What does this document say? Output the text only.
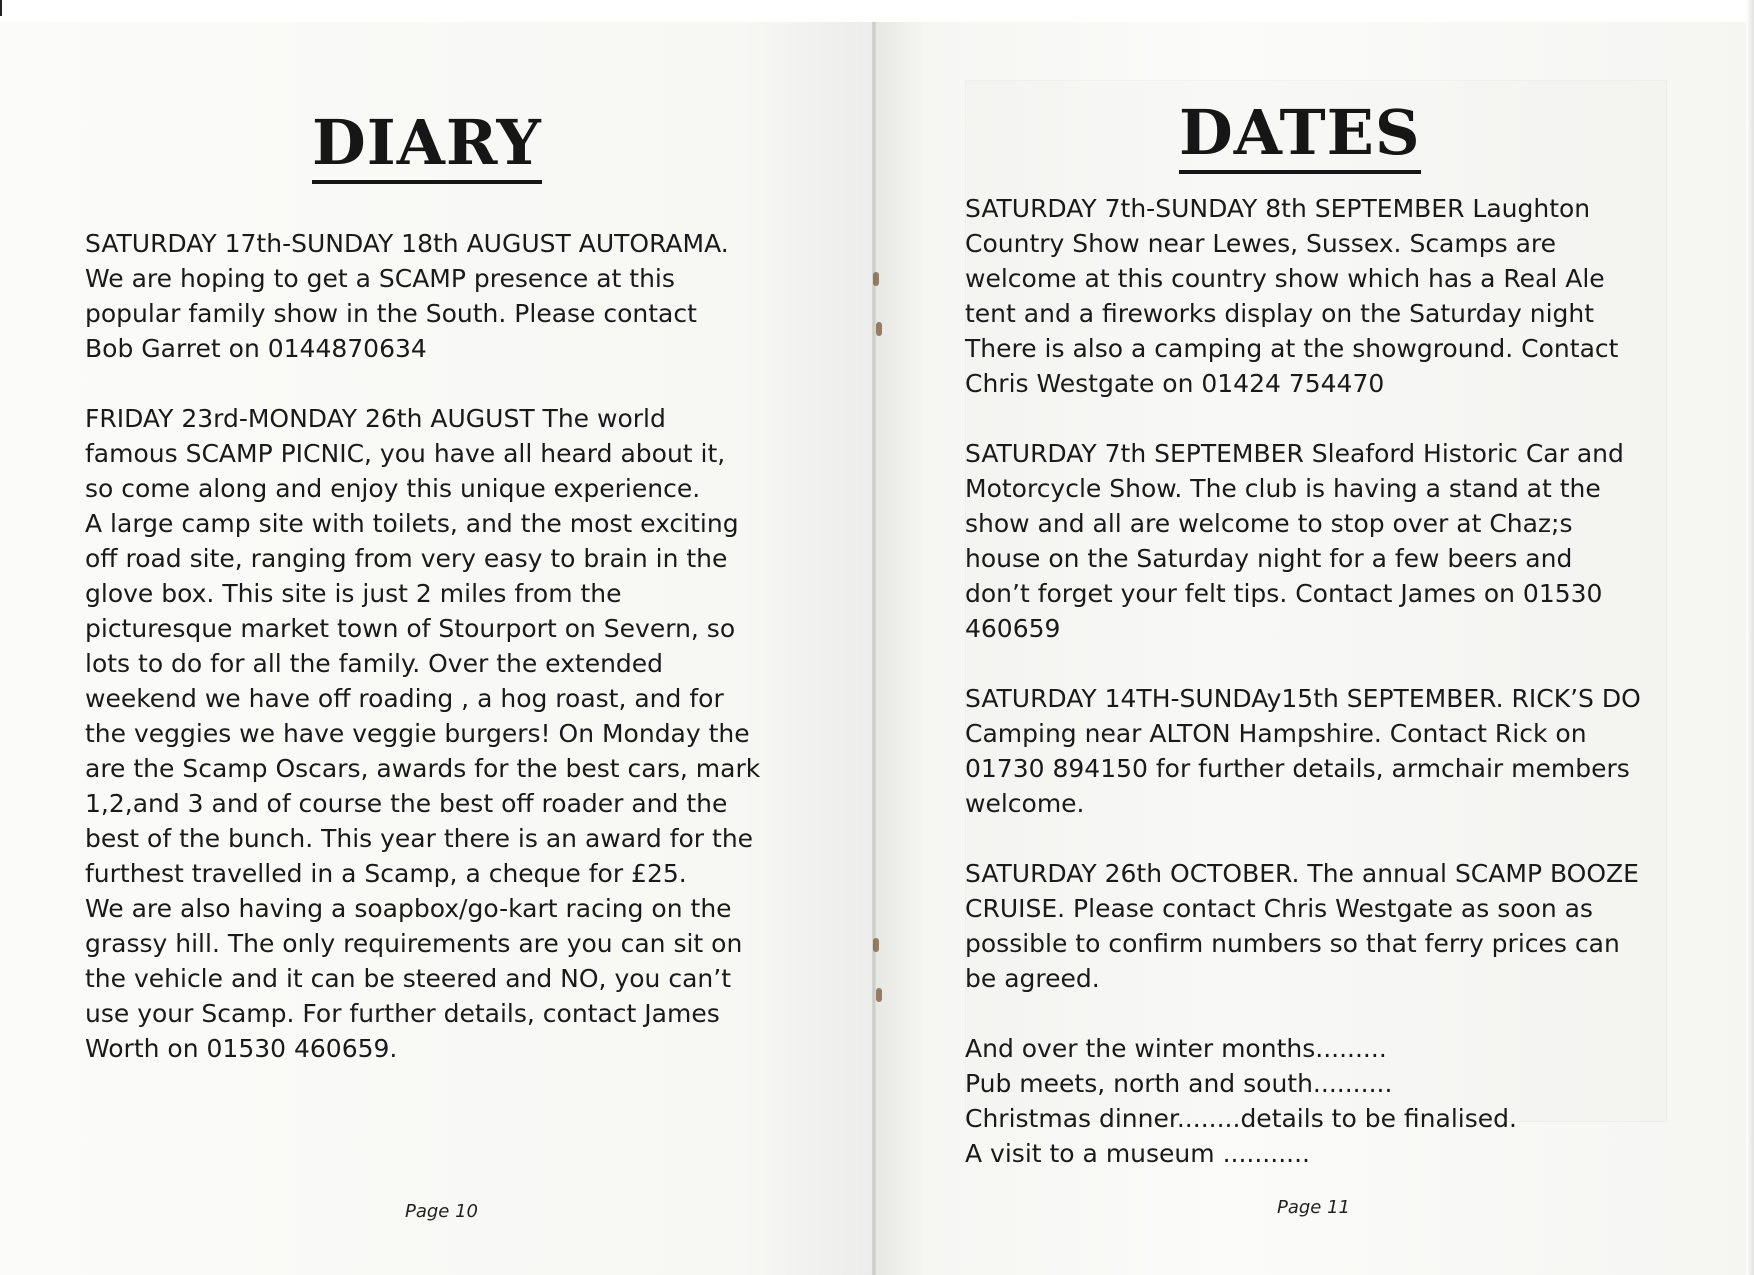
DIARY

SATURDAY 17th-SUNDAY 18th AUGUST AUTORAMA.
We are hoping to get a SCAMP presence at this
popular family show in the South. Please contact
Bob Garret on 0144870634

FRIDAY 23rd-MONDAY 26th AUGUST The world
famous SCAMP PICNIC, you have all heard about it,
so come along and enjoy this unique experience.
A large camp site with toilets, and the most exciting
off road site, ranging from very easy to brain in the
glove box. This site is just 2 miles from the
picturesque market town of Stourport on Severn, so
lots to do for all the family. Over the extended
weekend we have off roading , a hog roast, and for
the veggies we have veggie burgers! On Monday the
are the Scamp Oscars, awards for the best cars, mark
1,2,and 3 and of course the best off roader and the
best of the bunch. This year there is an award for the
furthest travelled in a Scamp, a cheque for £25.
We are also having a soapbox/go-kart racing on the
grassy hill. The only requirements are you can sit on
the vehicle and it can be steered and NO, you can’t
use your Scamp. For further details, contact James
Worth on 01530 460659.

Page 10
DATES

SATURDAY 7th-SUNDAY 8th SEPTEMBER Laughton
Country Show near Lewes, Sussex. Scamps are
welcome at this country show which has a Real Ale
tent and a fireworks display on the Saturday night
There is also a camping at the showground. Contact
Chris Westgate on 01424 754470

SATURDAY 7th SEPTEMBER Sleaford Historic Car and
Motorcycle Show. The club is having a stand at the
show and all are welcome to stop over at Chaz;s
house on the Saturday night for a few beers and
don’t forget your felt tips. Contact James on 01530
460659

SATURDAY 14TH-SUNDAy15th SEPTEMBER. RICK’S DO
Camping near ALTON Hampshire. Contact Rick on
01730 894150 for further details, armchair members
welcome.

SATURDAY 26th OCTOBER. The annual SCAMP BOOZE
CRUISE. Please contact Chris Westgate as soon as
possible to confirm numbers so that ferry prices can
be agreed.

And over the winter months.........
Pub meets, north and south..........
Christmas dinner........details to be finalised.
A visit to a museum ...........

Page 11
